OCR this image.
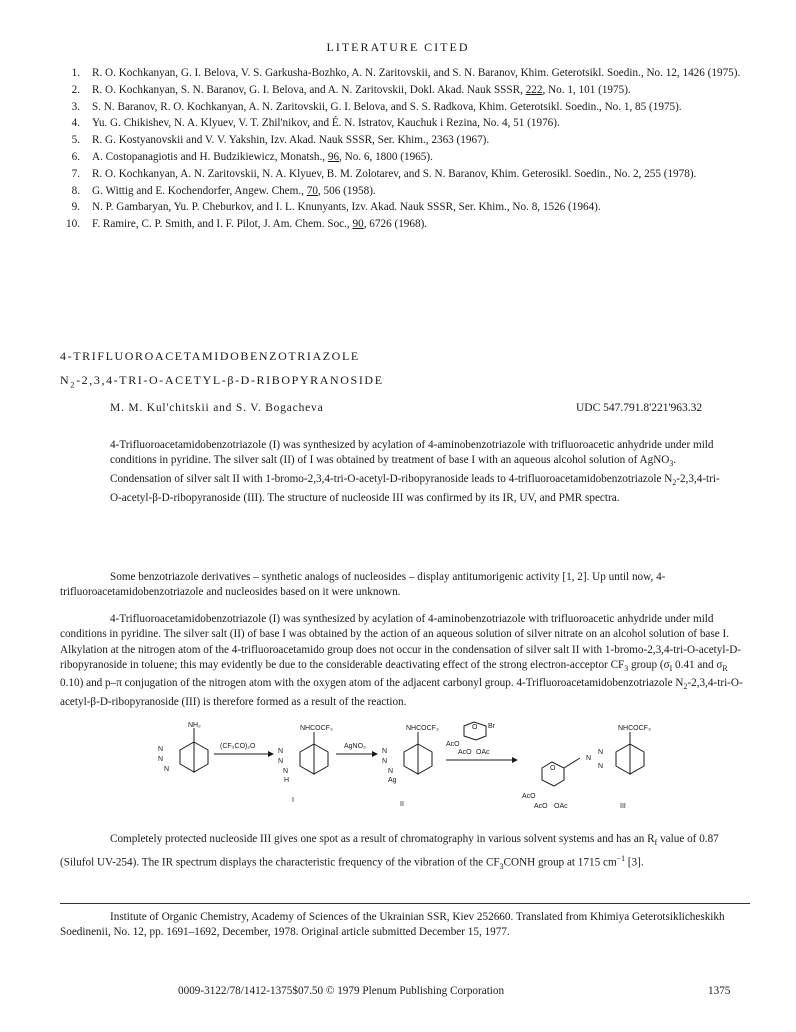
LITERATURE CITED
1. R. O. Kochkanyan, G. I. Belova, V. S. Garkusha-Bozhko, A. N. Zaritovskii, and S. N. Baranov, Khim. Geterotsikl. Soedin., No. 12, 1426 (1975).
2. R. O. Kochkanyan, S. N. Baranov, G. I. Belova, and A. N. Zaritovskii, Dokl. Akad. Nauk SSSR, 222, No. 1, 101 (1975).
3. S. N. Baranov, R. O. Kochkanyan, A. N. Zaritovskii, G. I. Belova, and S. S. Radkova, Khim. Geterotsikl. Soedin., No. 1, 85 (1975).
4. Yu. G. Chikishev, N. A. Klyuev, V. T. Zhil'nikov, and É. N. Istratov, Kauchuk i Rezina, No. 4, 51 (1976).
5. R. G. Kostyanovskii and V. V. Yakshin, Izv. Akad. Nauk SSSR, Ser. Khim., 2363 (1967).
6. A. Costopanagiotis and H. Budzikiewicz, Monatsh., 96, No. 6, 1800 (1965).
7. R. O. Kochkanyan, A. N. Zaritovskii, N. A. Klyuev, B. M. Zolotarev, and S. N. Baranov, Khim. Geterosikl. Soedin., No. 2, 255 (1978).
8. G. Wittig and E. Kochendorfer, Angew. Chem., 70, 506 (1958).
9. N. P. Gambaryan, Yu. P. Cheburkov, and I. L. Knunyants, Izv. Akad. Nauk SSSR, Ser. Khim., No. 8, 1526 (1964).
10. F. Ramire, C. P. Smith, and I. F. Pilot, J. Am. Chem. Soc., 90, 6726 (1968).
4-TRIFLUOROACETAMIDOBENZOTRIAZOLE
$N_2-2,3,4-TRI-O-ACETYL-\beta-D$-RIBOPYRANOSIDE
M. M. Kul'chitskii and S. V. Bogacheva	UDC 547.791.8'221'963.32
4-Trifluoroacetamidobenzotriazole (I) was synthesized by acylation of 4-aminobenzotriazole with trifluoroacetic anhydride under mild conditions in pyridine. The silver salt (II) of I was obtained by treatment of base I with an aqueous alcohol solution of AgNO$_3$. Condensation of silver salt II with 1-bromo-2,3,4-tri-O-acetyl-D-ribopyranoside leads to 4-trifluoroacetamidobenzotriazole $N_2-2,3,4-tri-O-acetyl-\beta-D$-ribopyranoside (III). The structure of nucleoside III was confirmed by its IR, UV, and PMR spectra.
Some benzotriazole derivatives – synthetic analogs of nucleosides – display antitumorigenic activity [1, 2]. Up until now, 4-trifluoroacetamidobenzotriazole and nucleosides based on it were unknown.
4-Trifluoroacetamidobenzotriazole (I) was synthesized by acylation of 4-aminobenzotriazole with trifluoroacetic anhydride under mild conditions in pyridine. The silver salt (II) of base I was obtained by the action of an aqueous solution of silver nitrate on an alcohol solution of base I. Alkylation at the nitrogen atom of the 4-trifluoroacetamido group does not occur in the condensation of silver salt II with 1-bromo-2,3,4-tri-O-acetyl-D-ribopyranoside in toluene; this may evidently be due to the considerable deactivating effect of the strong electron-acceptor $CF_3$ group ($\sigma_I$ 0.41 and $\sigma_R$ 0.10) and p–π conjugation of the nitrogen atom with the oxygen atom of the adjacent carbonyl group. 4-Trifluoroacetamidobenzotriazole $N_2-2,3,4-tri-O-acetyl-\beta-D$-ribopyranoside (III) is therefore formed as a result of the reaction.
NH₂
N
N
N
(CF₃CO)₂O
NHCOCF₃
N
N
N
H
I
AgNO₃
NHCOCF₃
N
N
N
Ag
II
O Br
AcO
AcO OAc
O
N
N
N
NHCOCF₃
AcO
AcO OAc	III
Completely protected nucleoside III gives one spot as a result of chromatography in various solvent systems and has an $R_f$ value of 0.87 (Silufol UV-254). The IR spectrum displays the characteristic frequency of the vibration of the $CF_3CONH$ group at 1715 $cm^{-1}$ [3].
Institute of Organic Chemistry, Academy of Sciences of the Ukrainian SSR, Kiev 252660. Translated from Khimiya Geterotsiklicheskikh Soedinenii, No. 12, pp. 1691–1692, December, 1978. Original article submitted December 15, 1977.
0009-3122/78/1412-1375$07.50 © 1979 Plenum Publishing Corporation	1375
